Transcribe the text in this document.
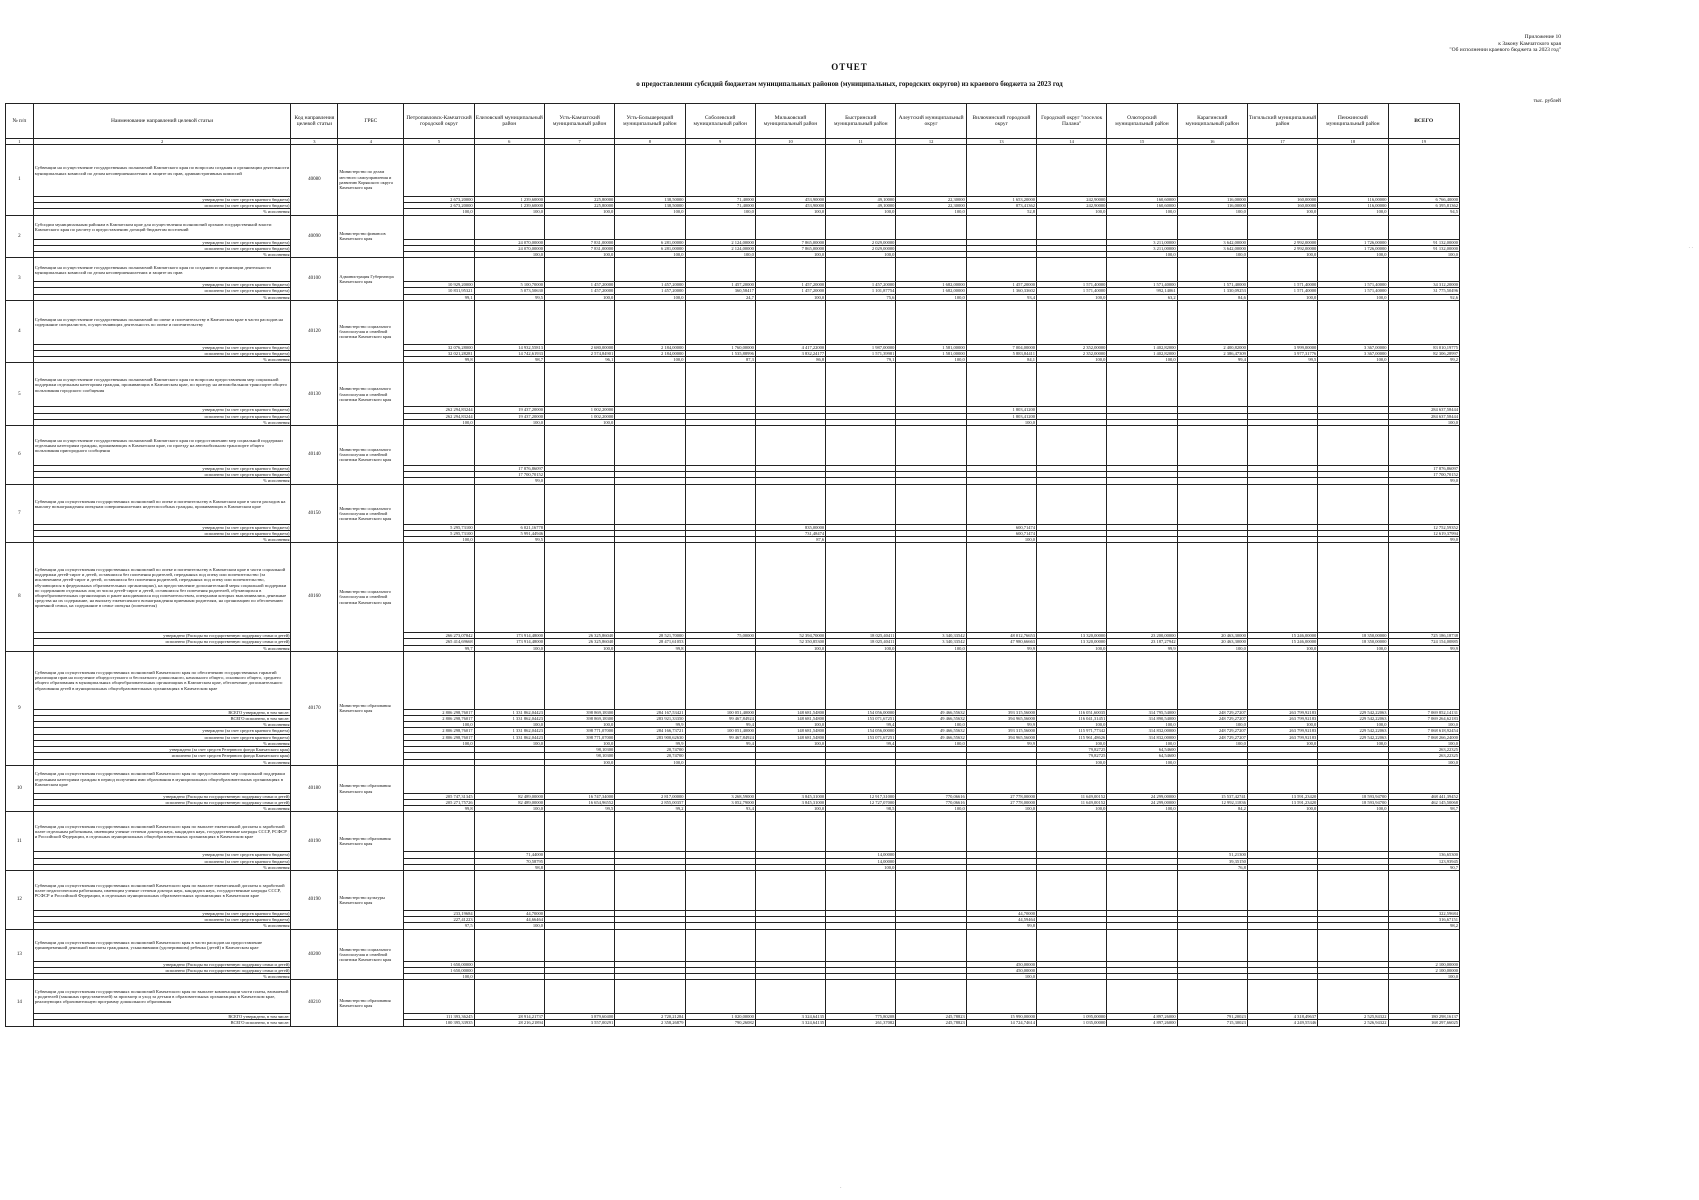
Приложение 10
к Закону Камчатского края
"Об исполнении краевого бюджета за 2023 год"
ОТЧЕТ
о предоставлении субсидий бюджетам муниципальных районов (муниципальных, городских округов) из краевого бюджета за 2023 год
тыс. рублей
№ п/п	Наименование направлений целевой статьи	Код направления целевой статьи	ГРБС	Петропавловск-Камчатский городской округ	Елизовский муниципальный район	Усть-Камчатский муниципальный район	Усть-Большерецкий муниципальный район	Соболевский муниципальный район	Мильковский муниципальный район	Быстринский муниципальный район	Алеутский муниципальный округ	Вилючинский городской округ	Городской округ "поселок Палана"	Олюторский муниципальный район	Карагинский муниципальный район	Тигильский муниципальный район	Пенжинский муниципальный район	ВСЕГО
1	2	3	4	5	6	7	8	9	10	11	12	13	14	15	16	17	18	19
1	Субвенции на осуществление государственных полномочий Камчатского края по вопросам создания и организации деятельности муниципальных комиссий по делам несовершеннолетних и защите их прав, административных комиссий	40080	Министерство по делам местного самоуправления и развитию Корякского округа Камчатского края															
	утверждено (за счет средств краевого бюджета)			2 673,20000	1 239,60000	225,80000	138,50000	71,40000	453,90000	49,10000	22,30000	1 653,20000	242,90000	160,60000	116,00000	160,00000	116,00000	6 766,40000
	исполнено (за счет средств краевого бюджета)			2 673,20000	1 239,60000	225,80000	138,50000	71,40000	453,90000	49,10000	22,30000	873,41362	242,90000	160,60000	116,00000	160,00000	116,00000	6 395,81362
	% исполнения			100,0	100,0	100,0	100,0	100,0	100,0	100,0	100,0	52,8	100,0	100,0	100,0	100,0	100,0	94,5
2	Субсидии муниципальным районам в Камчатском крае для осуществления полномочий органов государственной власти Камчатского края по расчету и предоставлению дотаций бюджетам поселений	40090	Министерство финансов Камчатского края															
	утверждено (за счет средств краевого бюджета)				24 070,00000	7 831,00000	6 281,00000	2 124,00000	7 865,00000	2 029,00000				3 211,00000	3 642,00000	2 992,00000	1 726,00000	91 132,00000
	исполнено (за счет средств краевого бюджета)				24 070,00000	7 831,00000	6 281,00000	2 124,00000	7 865,00000	2 029,00000				3 211,00000	3 642,00000	2 992,00000	1 726,00000	91 132,00000
	% исполнения				100,0	100,0	100,0	100,0	100,0	100,0				100,0	100,0	100,0	100,0	100,0
3	Субвенции на осуществление государственных полномочий Камчатского края по созданию и организации деятельности муниципальных комиссий по делам несовершеннолетних и защите их прав	40100	Администрация Губернатора Камчатского края															
	утверждено (за счет средств краевого бюджета)			10 929,20000	5 100,70000	1 457,20000	1 457,20000	1 457,20000	1 457,20000	1 457,20000	1 682,00000	1 457,20000	1 571,40000	1 571,40000	1 571,40000	1 571,40000	1 571,40000	34 312,20000
	исполнено (за счет средств краевого бюджета)			10 831,95321	5 073,50630	1 457,20000	1 457,20000	360,58417	1 457,20000	1 101,87754	1 682,00000	1 360,33602	1 571,40000	992,14061	1 330,09253	1 571,40000	1 571,40000	31 775,50496
	% исполнения			99,1	99,5	100,0	100,0	24,7	100,0	75,6	100,0	93,4	100,0	63,2	84,6	100,0	100,0	92,6
4	Субвенции на осуществление государственных полномочий по опеке и попечительству в Камчатском крае в части расходов на содержание специалистов, осуществляющих деятельность по опеке и попечительству	40120	Министерство социального благополучия и семейной политики Камчатского края															
	утверждено (за счет средств краевого бюджета)			32 076,28000	14 932,55813	2 680,00000	2 184,00000	1 760,00000	4 417,22000	1 987,00000	1 581,00000	7 004,00000	2 352,00000	1 402,82000	2 400,82000	3 999,00000	3 367,00000	83 010,19775
	исполнено (за счет средств краевого бюджета)			32 021,28281	14 742,61933	2 574,84901	2 184,00000	1 535,88996	3 832,24177	1 571,39981	1 581,00000	5 883,84411	2 352,00000	1 402,82000	2 386,47309	3 977,31776	3 367,00000	82 306,28997
	% исполнения			99,8	98,7	96,1	100,0	87,3	86,8	79,1	100,0	84,1	100,0	100,0	99,4	99,5	100,0	99,2
5	Субвенции на осуществление государственных полномочий Камчатского края по вопросам предоставления мер социальной поддержки отдельным категориям граждан, проживающих в Камчатском крае, по проезду на автомобильном транспорте общего пользования городского сообщения	40130	Министерство социального благополучия и семейной политики Камчатского края															
	утверждено (за счет средств краевого бюджета)			262 294,83244	19 437,20000	1 002,20000						1 803,41200						284 637,58444
	исполнено (за счет средств краевого бюджета)			262 294,83244	19 437,20000	1 002,20000						1 803,41200						284 637,58444
	% исполнения			100,0	100,0	100,0						100,0						100,0
6	Субвенции на осуществление государственных полномочий Камчатского края по предоставлению мер социальной поддержки отдельным категориям граждан, проживающих в Камчатском крае, по проезду на автомобильном транспорте общего пользования пригородного сообщения	40140	Министерство социального благополучия и семейной политики Камчатского края															
	утверждено (за счет средств краевого бюджета)				17 876,86097													17 876,86097
	исполнено (за счет средств краевого бюджета)				17 700,70152													17 700,70152
	% исполнения				99,0													99,0
7	Субвенции для осуществления государственных полномочий по опеке и попечительству в Камчатском крае в части расходов на выплату вознаграждения опекунам совершеннолетних недееспособных граждан, проживающих в Камчатском крае	40150	Министерство социального благополучия и семейной политики Камчатского края															
	утверждено (за счет средств краевого бюджета)			5 295,73100	6 021,16778				835,00000			600,71474						12 752,59352
	исполнено (за счет средств краевого бюджета)			5 295,73100	5 991,44946				731,48474			600,71474						12 619,37994
	% исполнения			100,0	99,5				87,6			100,0						99,0
8	Субвенции для осуществления государственных полномочий по опеке и попечительству в Камчатском крае в части социальной поддержки детей-сирот и детей, оставшихся без попечения родителей, переданных под опеку или попечительство (за исключением детей-сирот и детей, оставшихся без попечения родителей, переданных под опеку или попечительство, обучающихся в федеральных образовательных организациях), на предоставление дополнительной меры социальной поддержки по содержанию отдельных лиц из числа детей-сирот и детей, оставшихся без попечения родителей, обучающихся в общеобразовательных организациях и ранее находившихся под попечительством, опекунами которых выплачивались денежные средства на их содержание, на выплату ежемесячного вознаграждения приемным родителям, на организацию по обеспечению приемной семьи, на содержание в семье опекуна (попечителя)	40160	Министерство социального благополучия и семейной политики Камчатского края															
	утверждено (Расходы на государственную поддержку семьи и детей)			266 273,07842	173 914,48000	26 325,86040	28 521,70000	75,00000	52 394,70000	18 025,40411	3 340,33542	48 012,76653	13 320,00000	23 200,00000	20 463,30000	15 246,00000	18 350,00000	725 186,18738
	исполнено (Расходы на государственную поддержку семьи и детей)			265 414,69668	173 914,48000	26 325,86040	28 471,61053		52 350,85300	18 025,40411	3 340,33542	47 980,66663	13 320,00000	23 187,27942	20 463,30000	15 246,00000	18 350,00000	724 154,00885
	% исполнения			99,7	100,0	100,0	99,8		100,0	100,0	100,0	99,9	100,0	99,9	100,0	100,0	100,0	99,9
9	Субвенции для осуществления государственных полномочий Камчатского края по обеспечению государственных гарантий реализации прав на получение общедоступного и бесплатного дошкольного, начального общего, основного общего, среднего общего образования в муниципальных общеобразовательных организациях в Камчатском крае, обеспечение дополнительного образования детей в муниципальных общеобразовательных организациях в Камчатском крае	40170	Министерство образования Камчатского края															
	ВСЕГО утверждено, в том числе:			2 806 298,76017	1 331 862,04423	398 869,18300	284 167,53421	100 051,40000	148 681,54800	154 056,00000	49 466,55632	393 315,56000	116 051,60035	314 795,54000	248 729,27207	263 799,92183	229 542,22063	7 069 852,14131
	ВСЕГО исполнено, в том числе:			2 806 298,76017	1 331 862,04423	398 869,18300	283 921,33350	99 467,84924	148 681,54800	153 071,67251	49 466,55632	394 965,56000	116 041,31451	314 890,54000	248 729,27207	263 799,92183	229 542,22063	7 069 264,62183
	% исполнения			100,0	100,0	100,0	99,9	99,4	100,0	99,4	100,0	99,9	100,0	100,0	100,0	100,0	100,0	100,0
	утверждено (за счет средств краевого бюджета)			2 806 298,76017	1 331 862,04423	398 771,07000	284 166,73721	100 051,40000	148 681,54800	154 056,00000	49 466,55632	393 315,56000	115 971,77342	314 832,00000	248 729,27207	263 799,92183	229 542,22063	7 068 618,92454
	исполнено (за счет средств краевого бюджета)			2 806 298,76017	1 331 862,04423	398 771,07000	283 900,62630	99 467,84924	148 681,54800	153 071,67251	49 466,55632	394 965,56000	115 961,48626	314 832,00000	248 729,27207	263 799,92183	229 542,22063	7 068 266,24000
	% исполнения			100,0	100,0	100,0	99,9	99,4	100,0	99,4	100,0	99,9	100,0	100,0	100,0	100,0	100,0	100,0
	утверждено (за счет средств Резервного фонда Камчатского края)					98,10300	20,74700						79,82725	64,54600				263,22325
	исполнено (за счет средств Резервного фонда Камчатского края)					98,10300	20,74700						79,82725	64,54600				263,22325
	% исполнения					100,0	100,0						100,0	100,0				100,0
10	Субвенции для осуществления государственных полномочий Камчатского края по предоставлению мер социальной поддержки отдельным категориям граждан в период получения ими образования в муниципальных общеобразовательных организациях в Камчатском крае	40180	Министерство образования Камчатского края															
	утверждено (Расходы на государственную поддержку семьи и детей)			205 747,31345	82 489,00000	16 747,34000	2 817,00000	3 268,59000	3 845,31000	12 917,31000	770,06616	27 778,00000	11 649,00152	24 299,00000	15 537,42741	13 591,23420	18 593,94700	468 441,39452
	исполнено (Расходы на государственную поддержку семьи и детей)			205 271,75726	82 489,00000	16 654,96552	2 855,00357	3 052,79000	3 845,31000	12 727,07000	770,06616	27 778,00000	11 649,00152	24 299,00000	12 992,11836	13 591,23420	18 593,94700	462 145,50068
	% исполнения			99,8	100,0	99,5	99,2	93,4	100,0	98,5	100,0	100,0	100,0	100,0	84,2	100,0	100,0	98,7
11	Субвенции для осуществления государственных полномочий Камчатского края по выплате ежемесячной доплаты к заработной плате отдельным работникам, имеющим ученые степени доктора наук, кандидата наук, государственные награды СССР, РСФСР и Российской Федерации, в отдельных муниципальных общеобразовательных организациях в Камчатском крае	40190	Министерство образования Камчатского края															
	утверждено (за счет средств краевого бюджета)				71,44000					14,00000					51,21300			136,65300
	исполнено (за счет средств краевого бюджета)				70,58795					14,00000					39,35150			123,93945
	% исполнения				98,8					100,0					76,8			90,7
12	Субвенции для осуществления государственных полномочий Камчатского края по выплате ежемесячной доплаты к заработной плате педагогическим работникам, имеющим ученые степени доктора наук, кандидата наук, государственные награды СССР, РСФСР и Российской Федерации, в отдельных муниципальных образовательных организациях в Камчатском крае	40190	Министерство культуры Камчатского края															
	утверждено (за счет средств краевого бюджета)			233,19684	44,70000							44,70000						322,59684
	исполнено (за счет средств краевого бюджета)			227,41223	44,66464							44,59464						316,67151
	% исполнения			97,5	100,0							99,8						98,2
13	Субвенции для осуществления государственных полномочий Камчатского края в части расходов на предоставление единовременной денежной выплаты гражданам, усыновившим (удочерившим) ребенка (детей) в Камчатском крае	40200	Министерство социального благополучия и семейной политики Камчатского края															
	утверждено (Расходы на государственную поддержку семьи и детей)			1 650,00000								450,00000						2 100,00000
	исполнено (Расходы на государственную поддержку семьи и детей)			1 650,00000								450,00000						2 100,00000
	% исполнения			100,0								100,0						100,0
14	Субвенции для осуществления государственных полномочий Камчатского края по выплате компенсации части платы, взимаемой с родителей (законных представителей) за присмотр и уход за детьми в образовательных организациях в Камчатском крае, реализующих образовательную программу дошкольного образования	40210	Министерство образования Камчатского края															
	ВСЕГО утверждено, в том числе:			111 393,36245	28 914,21737	3 879,60400	2 720,21284	1 020,00000	3 324,64135	775,80208	245,78823	15 990,00000	1 095,00000	4 897,26000	791,20023	4 318,49637	2 525,84322	180 298,16137
	ВСЕГО исполнено, в том числе:			100 395,33935	28 216,21894	3 557,00291	2 358,26879	790,26082	3 324,64135	261,37082	245,78823	14 724,74614	1 035,00000	4 897,26000	715,30023	4 249,55346	2 526,94322	168 297,66025
· ·
·
